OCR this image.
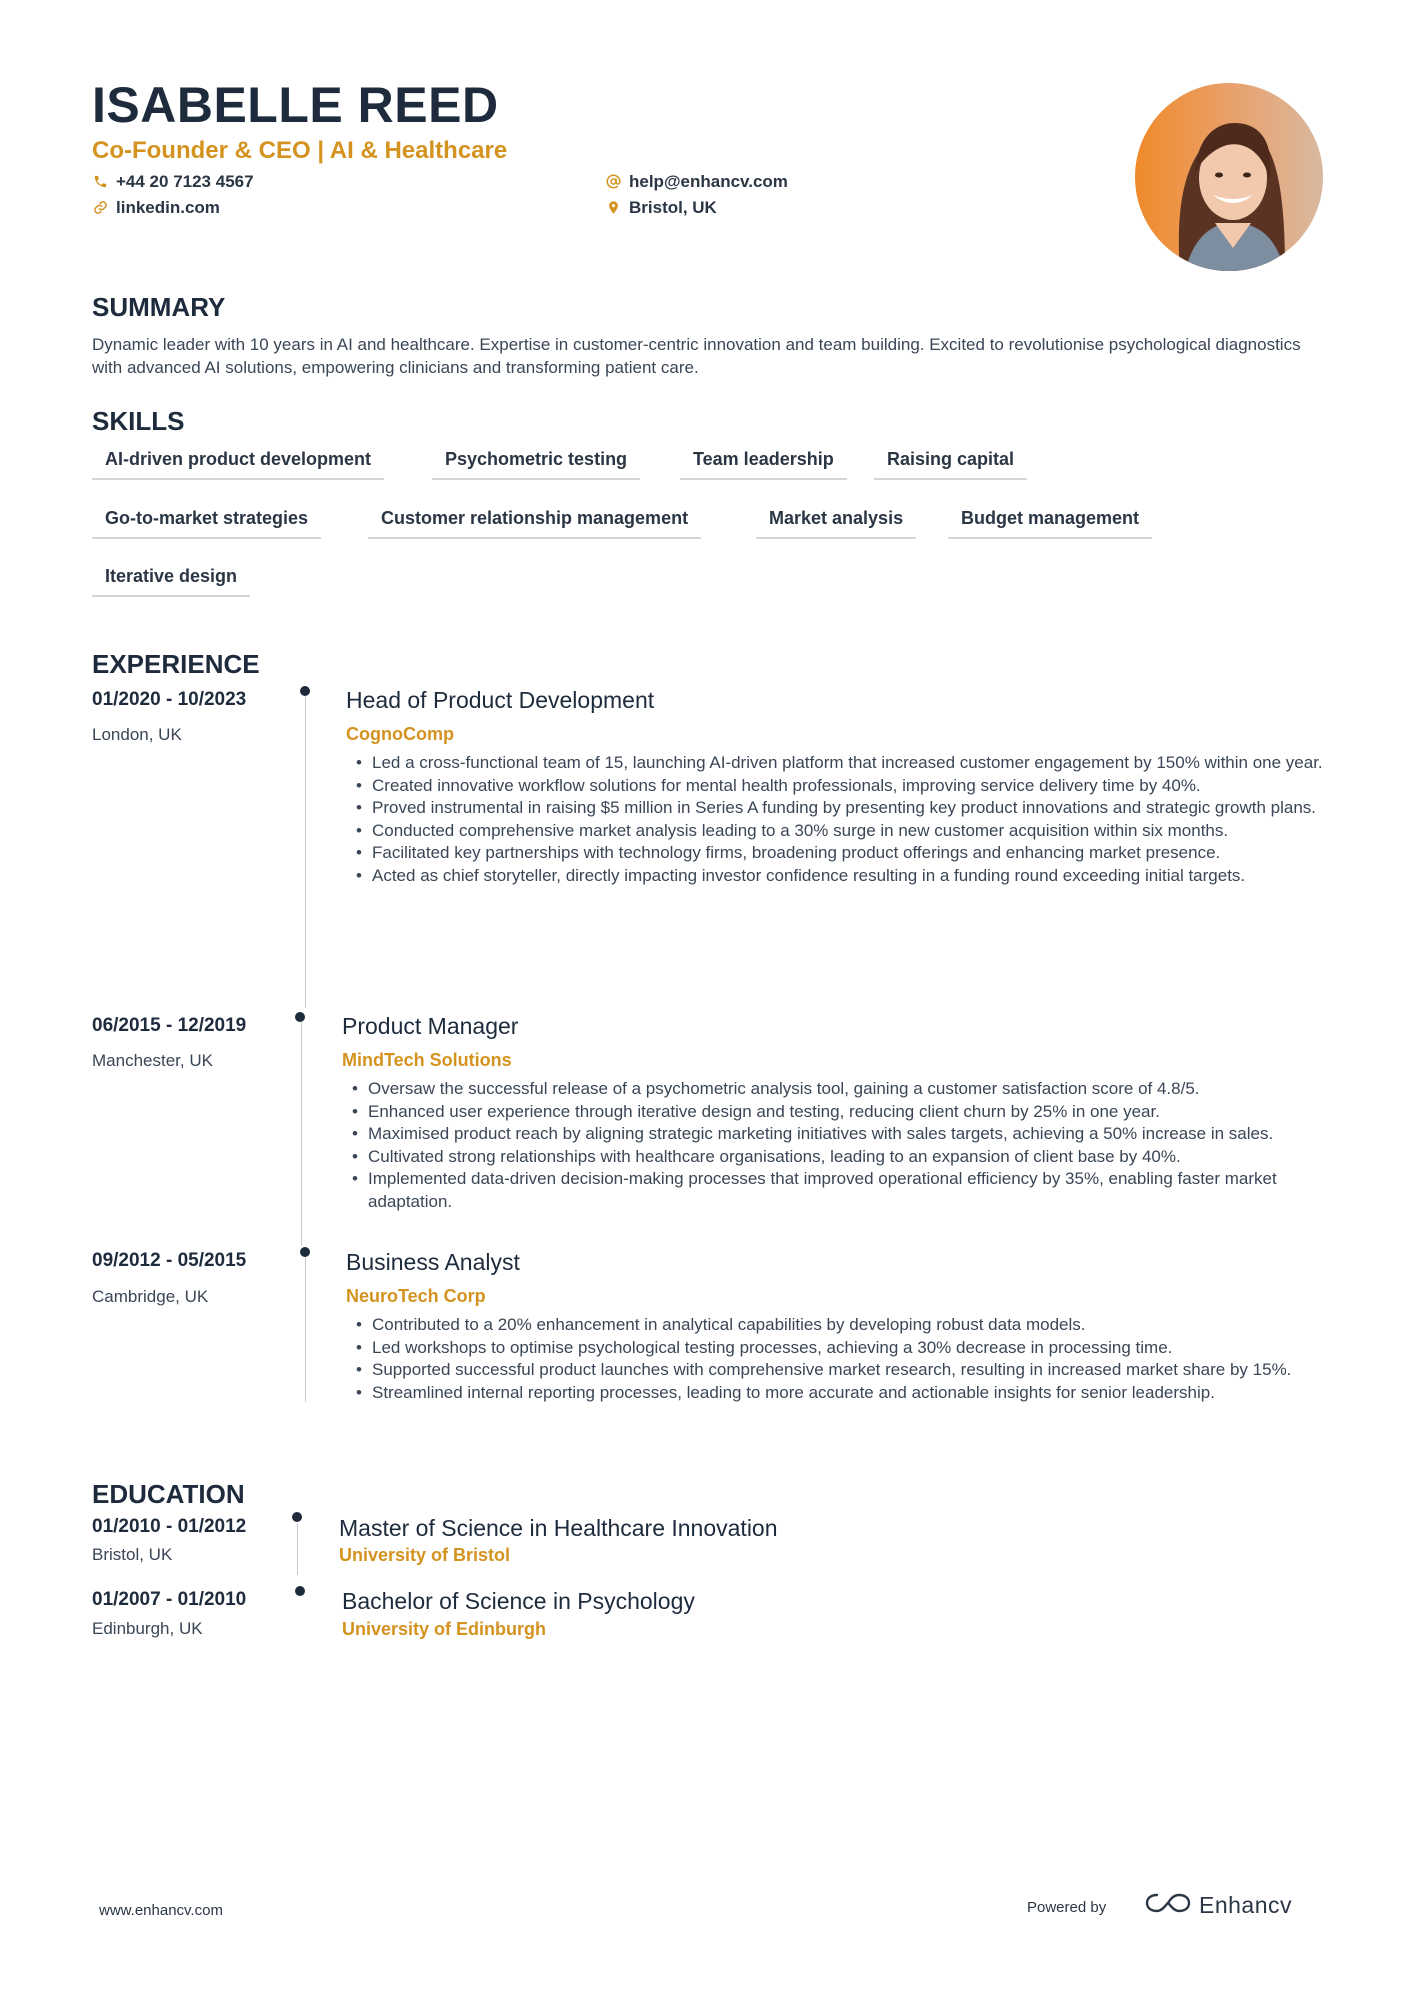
ISABELLE REED
Co-Founder & CEO | AI & Healthcare
+44 20 7123 4567
linkedin.com
help@enhancv.com
Bristol, UK
SUMMARY
Dynamic leader with 10 years in AI and healthcare. Expertise in customer-centric innovation and team building. Excited to revolutionise psychological diagnostics with advanced AI solutions, empowering clinicians and transforming patient care.
SKILLS
AI-driven product development	Psychometric testing	Team leadership	Raising capital
Go-to-market strategies	Customer relationship management	Market analysis	Budget management
Iterative design
EXPERIENCE
01/2020 - 10/2023
London, UK
Head of Product Development
CognoComp
• Led a cross-functional team of 15, launching AI-driven platform that increased customer engagement by 150% within one year.
• Created innovative workflow solutions for mental health professionals, improving service delivery time by 40%.
• Proved instrumental in raising $5 million in Series A funding by presenting key product innovations and strategic growth plans.
• Conducted comprehensive market analysis leading to a 30% surge in new customer acquisition within six months.
• Facilitated key partnerships with technology firms, broadening product offerings and enhancing market presence.
• Acted as chief storyteller, directly impacting investor confidence resulting in a funding round exceeding initial targets.
06/2015 - 12/2019
Manchester, UK
Product Manager
MindTech Solutions
• Oversaw the successful release of a psychometric analysis tool, gaining a customer satisfaction score of 4.8/5.
• Enhanced user experience through iterative design and testing, reducing client churn by 25% in one year.
• Maximised product reach by aligning strategic marketing initiatives with sales targets, achieving a 50% increase in sales.
• Cultivated strong relationships with healthcare organisations, leading to an expansion of client base by 40%.
• Implemented data-driven decision-making processes that improved operational efficiency by 35%, enabling faster market adaptation.
09/2012 - 05/2015
Cambridge, UK
Business Analyst
NeuroTech Corp
• Contributed to a 20% enhancement in analytical capabilities by developing robust data models.
• Led workshops to optimise psychological testing processes, achieving a 30% decrease in processing time.
• Supported successful product launches with comprehensive market research, resulting in increased market share by 15%.
• Streamlined internal reporting processes, leading to more accurate and actionable insights for senior leadership.
EDUCATION
01/2010 - 01/2012
Bristol, UK
Master of Science in Healthcare Innovation
University of Bristol
01/2007 - 01/2010
Edinburgh, UK
Bachelor of Science in Psychology
University of Edinburgh
www.enhancv.com	Powered by	Enhancv
